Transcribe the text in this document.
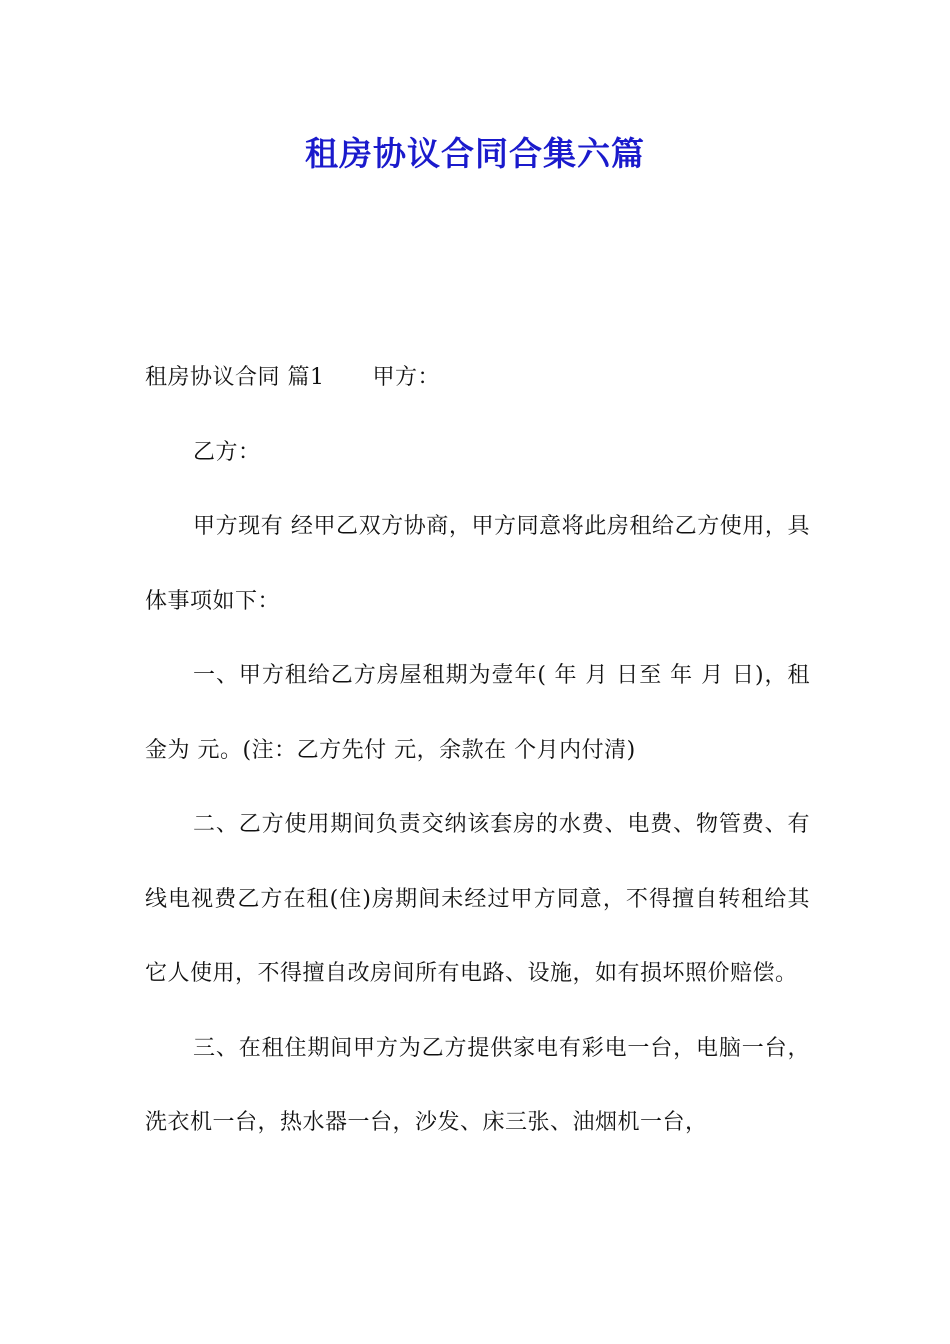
租房协议合同合集六篇

租房协议合同 篇1 甲方：

乙方：

甲方现有 经甲乙双方协商，甲方同意将此房租给乙方使用，具体事项如下：

一、甲方租给乙方房屋租期为壹年( 年 月 日至 年 月 日)，租金为 元。(注：乙方先付 元，余款在 个月内付清)

二、乙方使用期间负责交纳该套房的水费、电费、物管费、有线电视费乙方在租(住)房期间未经过甲方同意，不得擅自转租给其它人使用，不得擅自改房间所有电路、设施，如有损坏照价赔偿。

三、在租住期间甲方为乙方提供家电有彩电一台，电脑一台，洗衣机一台，热水器一台，沙发、床三张、油烟机一台，
